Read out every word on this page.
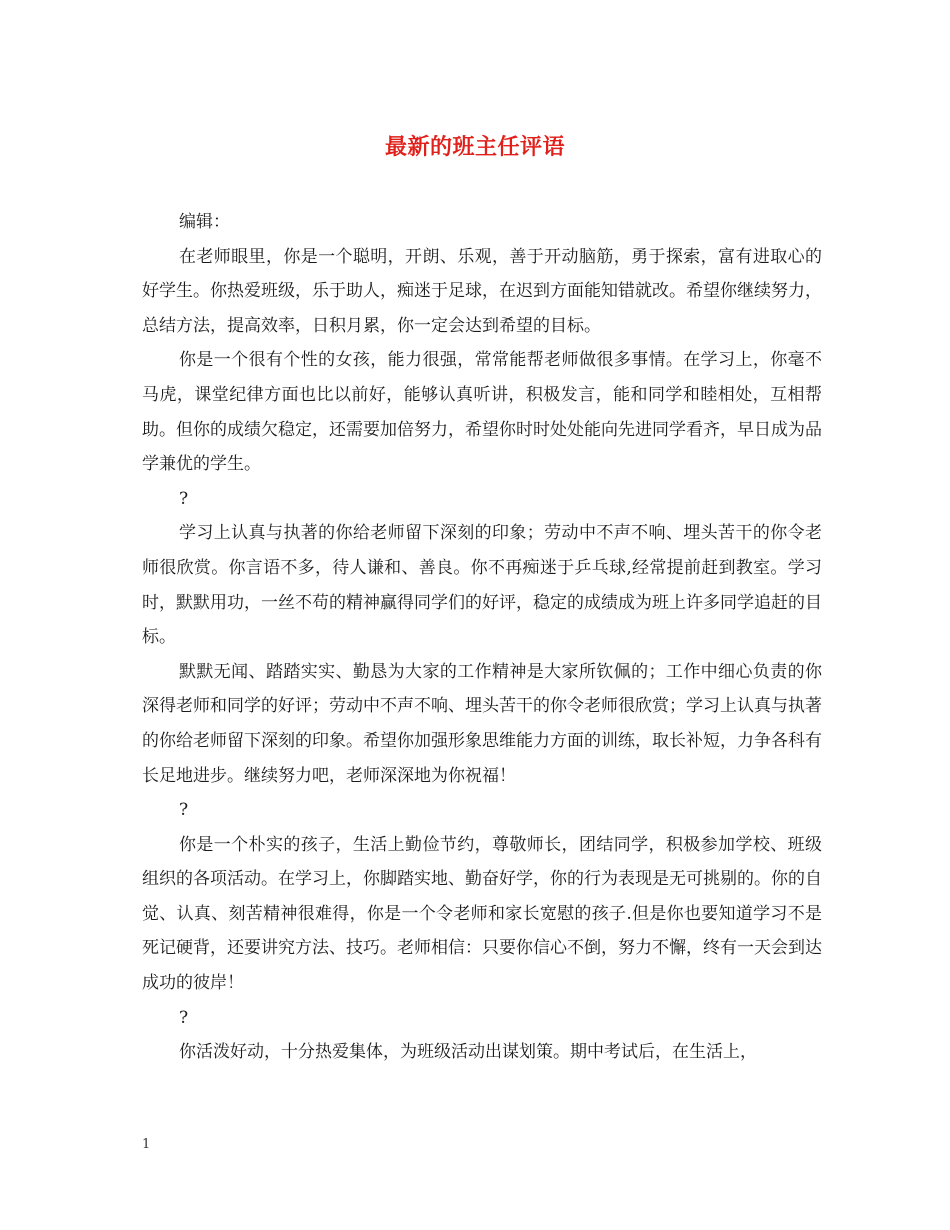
最新的班主任评语

编辑：

在老师眼里，你是一个聪明，开朗、乐观，善于开动脑筋，勇于探索，富有进取心的好学生。你热爱班级，乐于助人，痴迷于足球，在迟到方面能知错就改。希望你继续努力，总结方法，提高效率，日积月累，你一定会达到希望的目标。

你是一个很有个性的女孩，能力很强，常常能帮老师做很多事情。在学习上，你毫不马虎，课堂纪律方面也比以前好，能够认真听讲，积极发言，能和同学和睦相处，互相帮助。但你的成绩欠稳定，还需要加倍努力，希望你时时处处能向先进同学看齐，早日成为品学兼优的学生。

?

学习上认真与执著的你给老师留下深刻的印象；劳动中不声不响、埋头苦干的你令老师很欣赏。你言语不多，待人谦和、善良。你不再痴迷于乒乓球,经常提前赶到教室。学习时，默默用功，一丝不苟的精神赢得同学们的好评，稳定的成绩成为班上许多同学追赶的目标。

默默无闻、踏踏实实、勤恳为大家的工作精神是大家所钦佩的；工作中细心负责的你深得老师和同学的好评；劳动中不声不响、埋头苦干的你令老师很欣赏；学习上认真与执著的你给老师留下深刻的印象。希望你加强形象思维能力方面的训练，取长补短，力争各科有长足地进步。继续努力吧，老师深深地为你祝福！

?

你是一个朴实的孩子，生活上勤俭节约，尊敬师长，团结同学，积极参加学校、班级组织的各项活动。在学习上，你脚踏实地、勤奋好学，你的行为表现是无可挑剔的。你的自觉、认真、刻苦精神很难得，你是一个令老师和家长宽慰的孩子.但是你也要知道学习不是死记硬背，还要讲究方法、技巧。老师相信：只要你信心不倒，努力不懈，终有一天会到达成功的彼岸！

?

你活泼好动，十分热爱集体，为班级活动出谋划策。期中考试后，在生活上，

1
